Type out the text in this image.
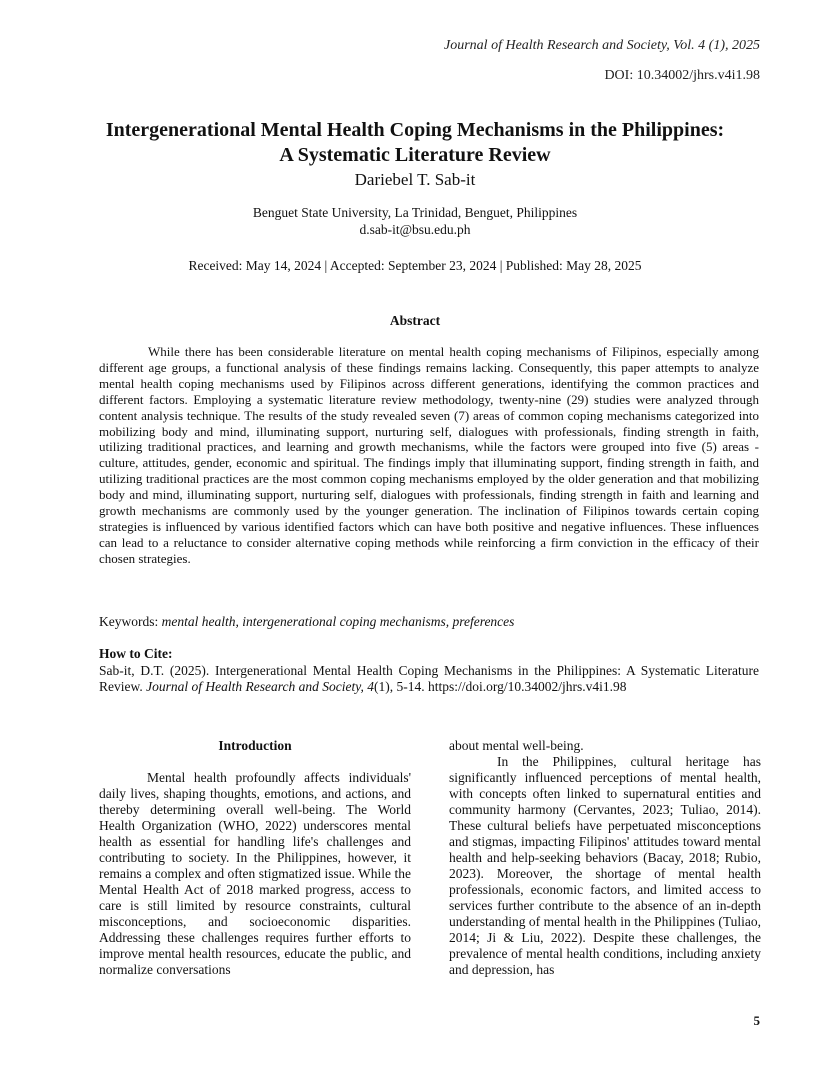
Journal of Health Research and Society, Vol. 4 (1), 2025
DOI: 10.34002/jhrs.v4i1.98
Intergenerational Mental Health Coping Mechanisms in the Philippines:
A Systematic Literature Review
Dariebel T. Sab-it
Benguet State University, La Trinidad, Benguet, Philippines
d.sab-it@bsu.edu.ph
Received: May 14, 2024 | Accepted: September 23, 2024 | Published: May 28, 2025
Abstract

While there has been considerable literature on mental health coping mechanisms of Filipinos, especially among different age groups, a functional analysis of these findings remains lacking. Consequently, this paper attempts to analyze mental health coping mechanisms used by Filipinos across different generations, identifying the common practices and different factors. Employing a systematic literature review methodology, twenty-nine (29) studies were analyzed through content analysis technique. The results of the study revealed seven (7) areas of common coping mechanisms categorized into mobilizing body and mind, illuminating support, nurturing self, dialogues with professionals, finding strength in faith, utilizing traditional practices, and learning and growth mechanisms, while the factors were grouped into five (5) areas - culture, attitudes, gender, economic and spiritual. The findings imply that illuminating support, finding strength in faith, and utilizing traditional practices are the most common coping mechanisms employed by the older generation and that mobilizing body and mind, illuminating support, nurturing self, dialogues with professionals, finding strength in faith and learning and growth mechanisms are commonly used by the younger generation. The inclination of Filipinos towards certain coping strategies is influenced by various identified factors which can have both positive and negative influences. These influences can lead to a reluctance to consider alternative coping methods while reinforcing a firm conviction in the efficacy of their chosen strategies.

Keywords: mental health, intergenerational coping mechanisms, preferences
How to Cite:
Sab-it, D.T. (2025). Intergenerational Mental Health Coping Mechanisms in the Philippines: A Systematic Literature Review. Journal of Health Research and Society, 4(1), 5-14. https://doi.org/10.34002/jhrs.v4i1.98
Introduction

Mental health profoundly affects individuals' daily lives, shaping thoughts, emotions, and actions, and thereby determining overall well-being. The World Health Organization (WHO, 2022) underscores mental health as essential for handling life's challenges and contributing to society. In the Philippines, however, it remains a complex and often stigmatized issue. While the Mental Health Act of 2018 marked progress, access to care is still limited by resource constraints, cultural misconceptions, and socioeconomic disparities. Addressing these challenges requires further efforts to improve mental health resources, educate the public, and normalize conversations

about mental well-being.

In the Philippines, cultural heritage has significantly influenced perceptions of mental health, with concepts often linked to supernatural entities and community harmony (Cervantes, 2023; Tuliao, 2014). These cultural beliefs have perpetuated misconceptions and stigmas, impacting Filipinos' attitudes toward mental health and help-seeking behaviors (Bacay, 2018; Rubio, 2023). Moreover, the shortage of mental health professionals, economic factors, and limited access to services further contribute to the absence of an in-depth understanding of mental health in the Philippines (Tuliao, 2014; Ji & Liu, 2022). Despite these challenges, the prevalence of mental health conditions, including anxiety and depression, has

5
